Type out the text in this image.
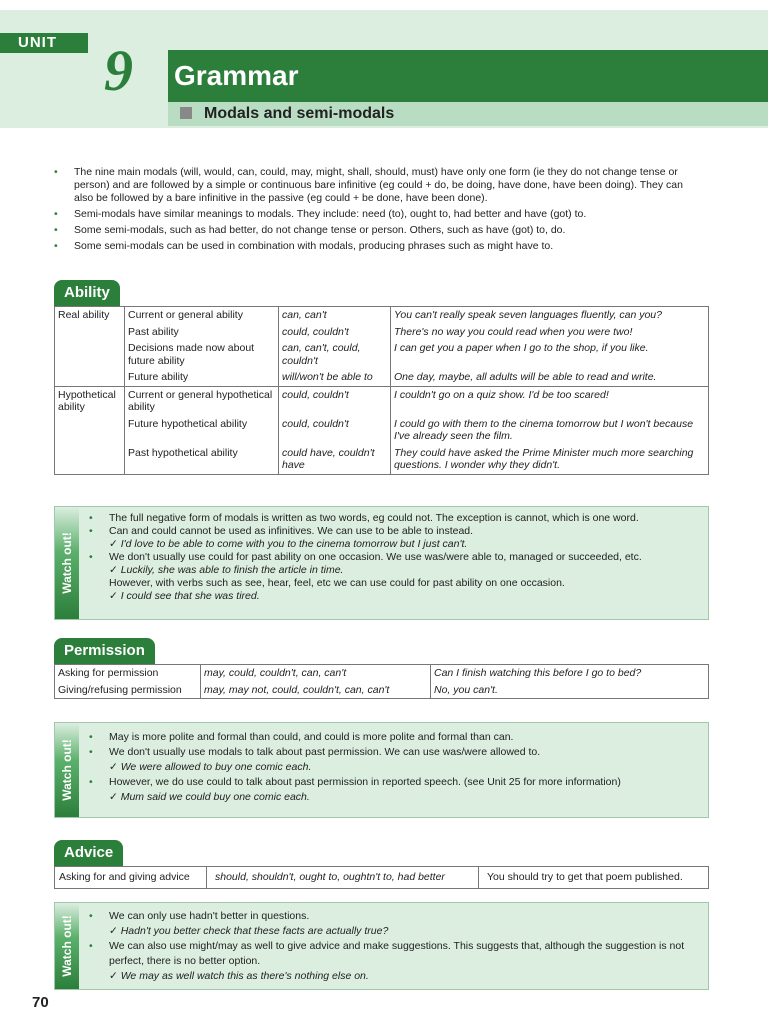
UNIT 9 Grammar
Modals and semi-modals
• The nine main modals (will, would, can, could, may, might, shall, should, must) have only one form (ie they do not change tense or person) and are followed by a simple or continuous bare infinitive (eg could + do, be doing, have done, have been doing). They can also be followed by a bare infinitive in the passive (eg could + be done, have been done).
• Semi-modals have similar meanings to modals. They include: need (to), ought to, had better and have (got) to.
• Some semi-modals, such as had better, do not change tense or person. Others, such as have (got) to, do.
• Some semi-modals can be used in combination with modals, producing phrases such as might have to.
Ability
Real ability	Current or general ability	can, can't	You can't really speak seven languages fluently, can you?
	Past ability	could, couldn't	There's no way you could read when you were two!
	Decisions made now about future ability	can, can't, could, couldn't	I can get you a paper when I go to the shop, if you like.
	Future ability	will/won't be able to	One day, maybe, all adults will be able to read and write.
Hypothetical ability	Current or general hypothetical ability	could, couldn't	I couldn't go on a quiz show. I'd be too scared!
	Future hypothetical ability	could, couldn't	I could go with them to the cinema tomorrow but I won't because I've already seen the film.
	Past hypothetical ability	could have, couldn't have	They could have asked the Prime Minister much more searching questions. I wonder why they didn't.
Watch out!
• The full negative form of modals is written as two words, eg could not. The exception is cannot, which is one word.
• Can and could cannot be used as infinitives. We can use to be able to instead.
✓ I'd love to be able to come with you to the cinema tomorrow but I just can't.
• We don't usually use could for past ability on one occasion. We use was/were able to, managed or succeeded, etc.
✓ Luckily, she was able to finish the article in time.
However, with verbs such as see, hear, feel, etc we can use could for past ability on one occasion.
✓ I could see that she was tired.
Permission
Asking for permission	may, could, couldn't, can, can't	Can I finish watching this before I go to bed?
Giving/refusing permission	may, may not, could, couldn't, can, can't	No, you can't.
Watch out!
• May is more polite and formal than could, and could is more polite and formal than can.
• We don't usually use modals to talk about past permission. We can use was/were allowed to.
✓ We were allowed to buy one comic each.
• However, we do use could to talk about past permission in reported speech. (see Unit 25 for more information)
✓ Mum said we could buy one comic each.
Advice
Asking for and giving advice	should, shouldn't, ought to, oughtn't to, had better	You should try to get that poem published.
Watch out!	• We can only use hadn't better in questions.
✓ Hadn't you better check that these facts are actually true?
• We can also use might/may as well to give advice and make suggestions. This suggests that, although the suggestion is not perfect, there is no better option.
✓ We may as well watch this as there's nothing else on.
70
